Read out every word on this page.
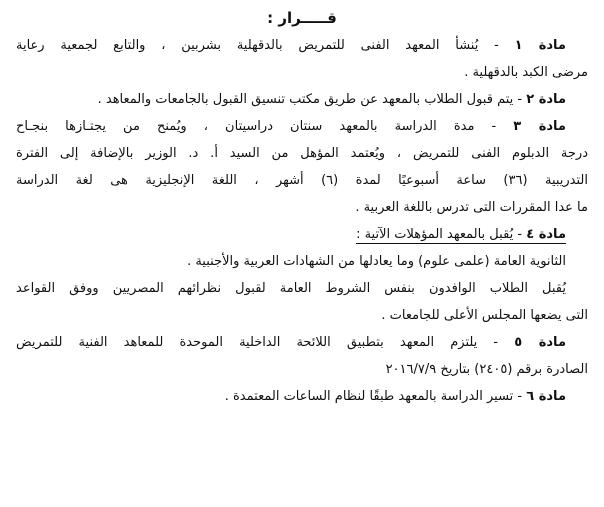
قـــــرار :

مادة ١ - يُنشأ المعهد الفنى للتمريض بالدقهلية بشربين ، والتابع لجمعية رعاية

مرضى الكبد بالدقهلية .

مادة ٢ - يتم قبول الطلاب بالمعهد عن طريق مكتب تنسيق القبول بالجامعات والمعاهد .

مادة ٣ - مدة الدراسة بالمعهد سنتان دراسيتان ، ويُمنح من يجتـازها بنجـاح

درجة الدبلوم الفنى للتمريض ، ويُعتمد المؤهل من السيد أ. د. الوزير بالإضافة إلى الفترة

التدريبية (٣٦) ساعة أسبوعيًا لمدة (٦) أشهر ، اللغة الإنجليزية هى لغة الدراسة

ما عدا المقررات التى تدرس باللغة العربية .

مادة ٤ - يُقبل بالمعهد المؤهلات الآتية :

الثانوية العامة (علمى علوم) وما يعادلها من الشهادات العربية والأجنبية .

يُقبل الطلاب الوافدون بنفس الشروط العامة لقبول نظرائهم المصريين ووفق القواعد

التى يضعها المجلس الأعلى للجامعات .

مادة ٥ - يلتزم المعهد بتطبيق اللائحة الداخلية الموحدة للمعاهد الفنية للتمريض

الصادرة برقم (٢٤٠٥) بتاريخ ٢٠١٦/٧/٩

مادة ٦ - تسير الدراسة بالمعهد طبقًا لنظام الساعات المعتمدة .
